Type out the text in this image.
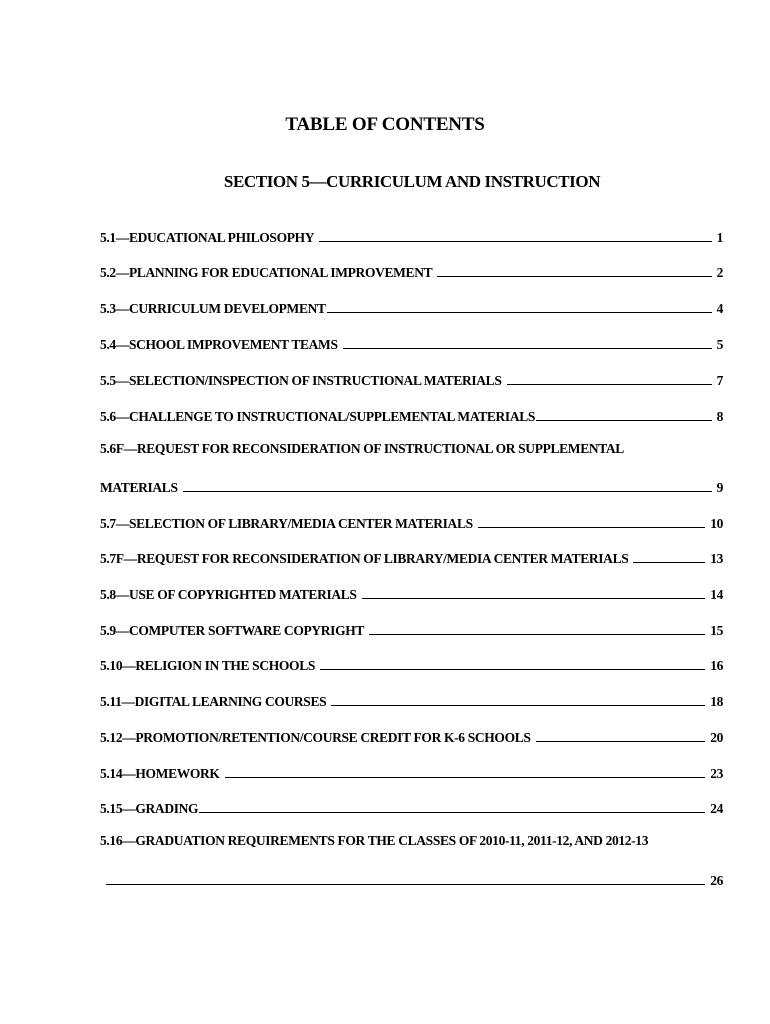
TABLE OF CONTENTS
SECTION 5—CURRICULUM AND INSTRUCTION
5.1—EDUCATIONAL PHILOSOPHY	1
5.2—PLANNING FOR EDUCATIONAL IMPROVEMENT	2
5.3—CURRICULUM DEVELOPMENT	4
5.4—SCHOOL IMPROVEMENT TEAMS	5
5.5—SELECTION/INSPECTION OF INSTRUCTIONAL MATERIALS	7
5.6—CHALLENGE TO INSTRUCTIONAL/SUPPLEMENTAL MATERIALS	8
5.6F—REQUEST FOR RECONSIDERATION OF INSTRUCTIONAL OR SUPPLEMENTAL
MATERIALS	9
5.7—SELECTION OF LIBRARY/MEDIA CENTER MATERIALS	10
5.7F—REQUEST FOR RECONSIDERATION OF LIBRARY/MEDIA CENTER MATERIALS	13
5.8—USE OF COPYRIGHTED MATERIALS	14
5.9—COMPUTER SOFTWARE COPYRIGHT	15
5.10—RELIGION IN THE SCHOOLS	16
5.11—DIGITAL LEARNING COURSES	18
5.12—PROMOTION/RETENTION/COURSE CREDIT FOR K-6 SCHOOLS	20
5.14—HOMEWORK	23
5.15—GRADING	24
5.16—GRADUATION REQUIREMENTS FOR THE CLASSES OF 2010-11, 2011-12, AND 2012-13
26
